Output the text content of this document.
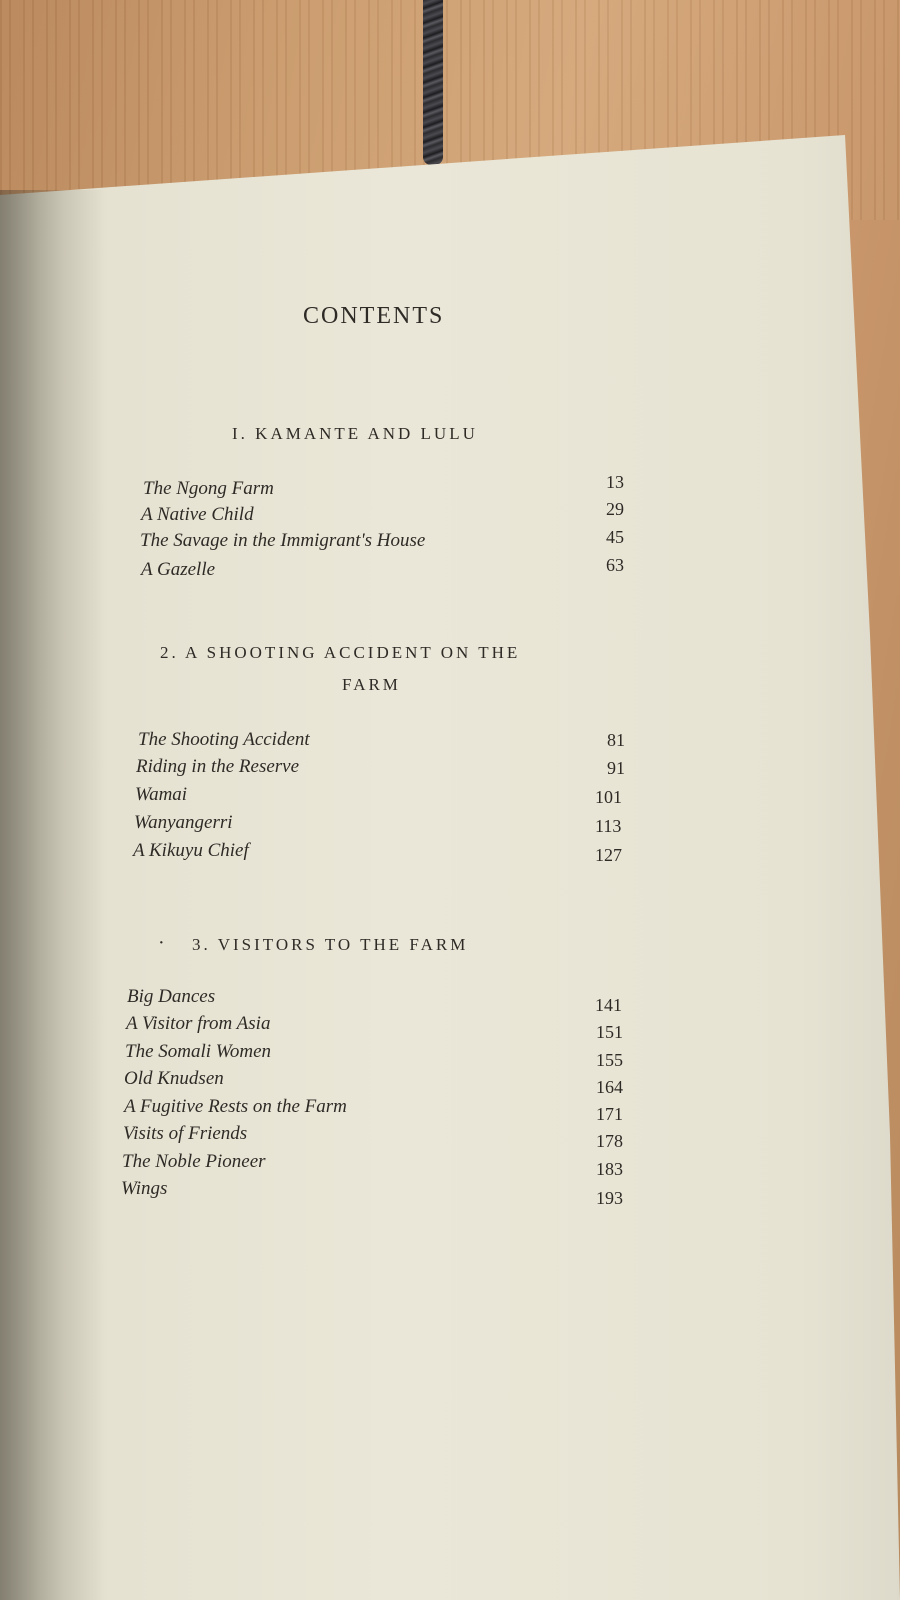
CONTENTS
I. KAMANTE AND LULU
The Ngong Farm	13
A Native Child	29
The Savage in the Immigrant's House	45
A Gazelle	63
2. A SHOOTING ACCIDENT ON THE
FARM
The Shooting Accident	81
Riding in the Reserve	91
Wamai	101
Wanyangerri	113
A Kikuyu Chief	127
· 3. VISITORS TO THE FARM
Big Dances	141
A Visitor from Asia	151
The Somali Women	155
Old Knudsen	164
A Fugitive Rests on the Farm	171
Visits of Friends	178
The Noble Pioneer	183
Wings	193
